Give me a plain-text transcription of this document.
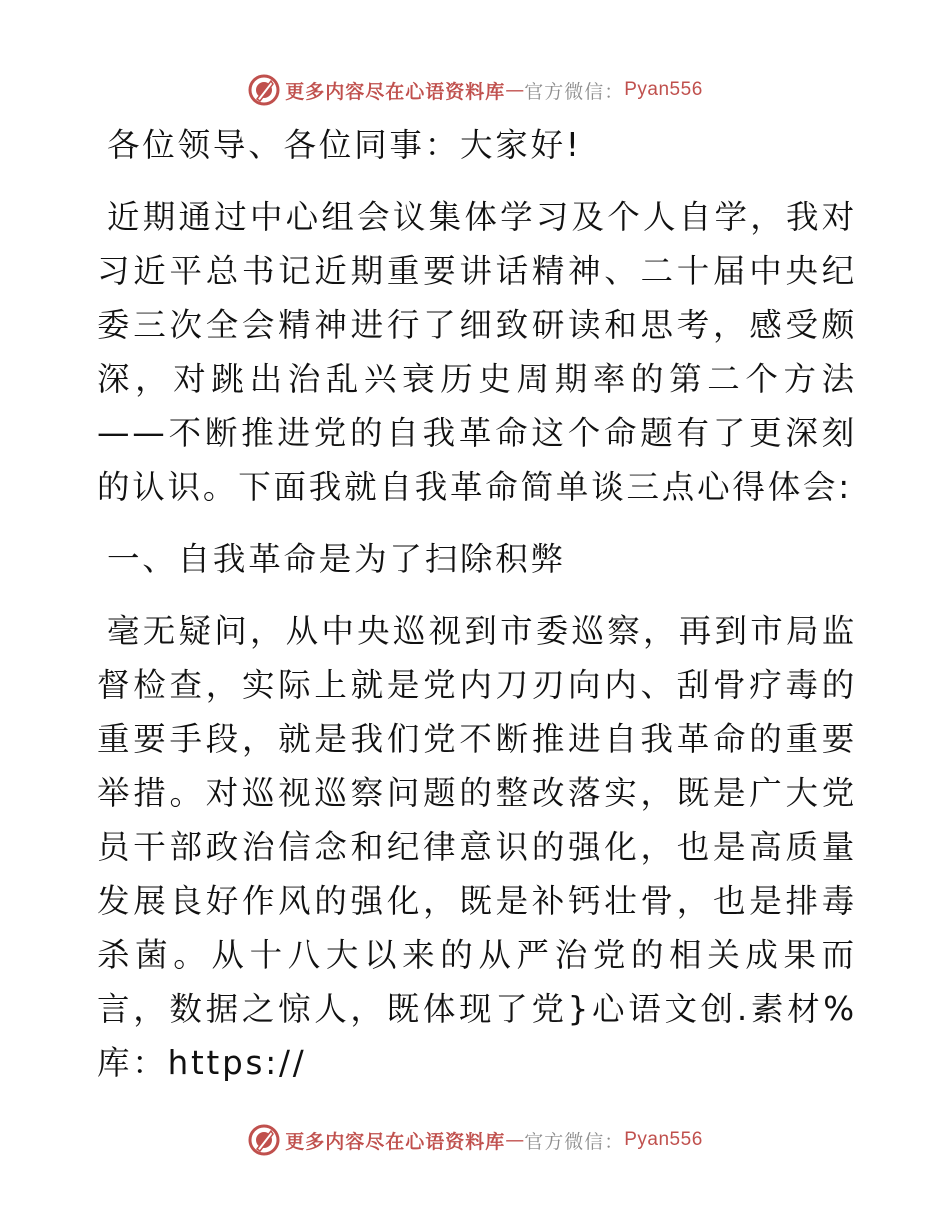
更多内容尽在心语资料库 — 官方微信： Pyan556

各位领导、各位同事：大家好!

近期通过中心组会议集体学习及个人自学，我对习近平总书记近期重要讲话精神、二十届中央纪委三次全会精神进行了细致研读和思考，感受颇深，对跳出治乱兴衰历史周期率的第二个方法——不断推进党的自我革命这个命题有了更深刻的认识。下面我就自我革命简单谈三点心得体会:

一、自我革命是为了扫除积弊

毫无疑问，从中央巡视到市委巡察，再到市局监督检查，实际上就是党内刀刃向内、刮骨疗毒的重要手段，就是我们党不断推进自我革命的重要举措。对巡视巡察问题的整改落实，既是广大党员干部政治信念和纪律意识的强化，也是高质量发展良好作风的强化，既是补钙壮骨，也是排毒杀菌。从十八大以来的从严治党的相关成果而言，数据之惊人，既体现了党}心语文创.素材%库：https://

更多内容尽在心语资料库 — 官方微信： Pyan556
